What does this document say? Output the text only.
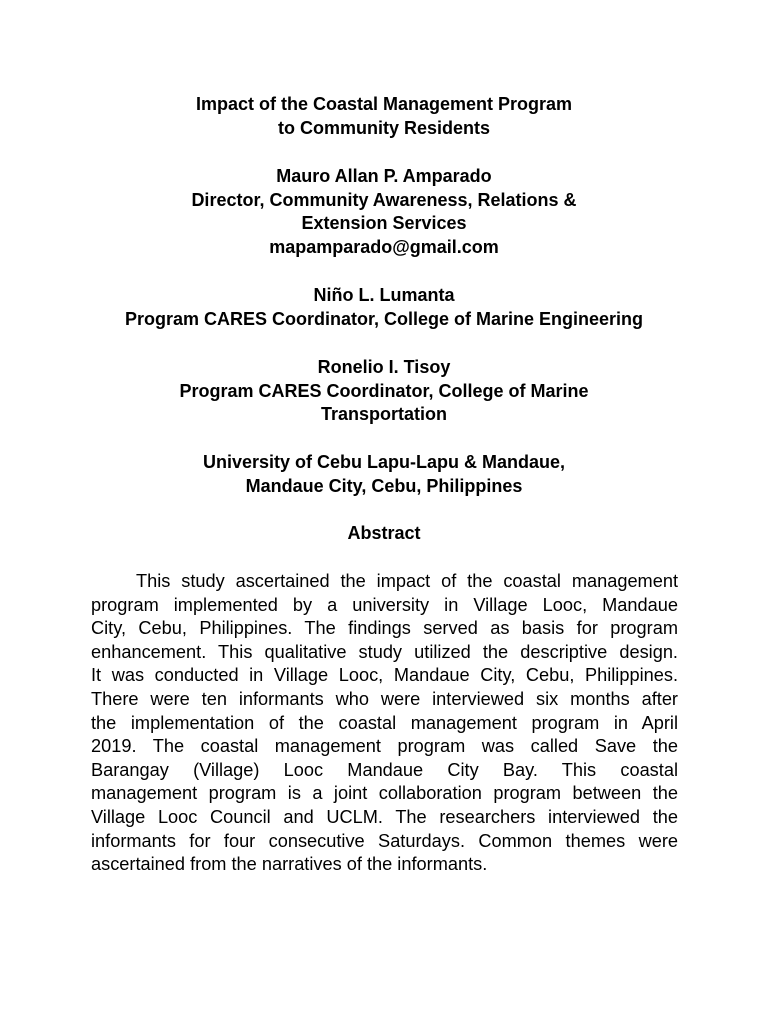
Impact of the Coastal Management Program
to Community Residents
Mauro Allan P. Amparado
Director, Community Awareness, Relations &
Extension Services
mapamparado@gmail.com
Niño L. Lumanta
Program CARES Coordinator, College of Marine Engineering
Ronelio I. Tisoy
Program CARES Coordinator, College of Marine
Transportation
University of Cebu Lapu-Lapu & Mandaue,
Mandaue City, Cebu, Philippines
Abstract
This study ascertained the impact of the coastal management
program implemented by a university in Village Looc, Mandaue
City, Cebu, Philippines. The findings served as basis for program
enhancement. This qualitative study utilized the descriptive design.
It was conducted in Village Looc, Mandaue City, Cebu, Philippines.
There were ten informants who were interviewed six months after
the implementation of the coastal management program in April
2019. The coastal management program was called Save the
Barangay (Village) Looc Mandaue City Bay. This coastal
management program is a joint collaboration program between the
Village Looc Council and UCLM. The researchers interviewed the
informants for four consecutive Saturdays. Common themes were
ascertained from the narratives of the informants.
